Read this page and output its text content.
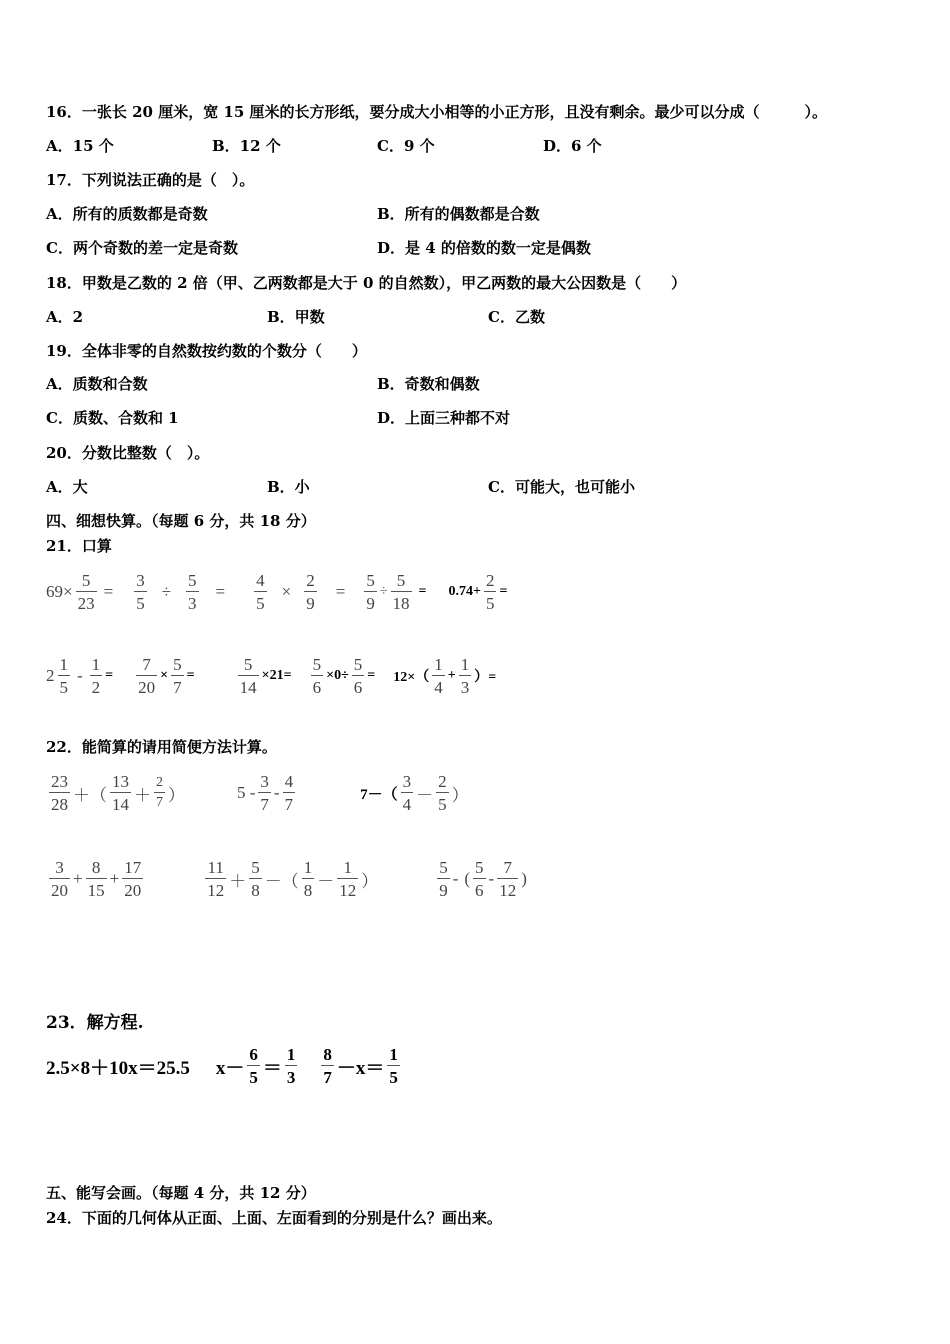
16．一张长 20 厘米，宽 15 厘米的长方形纸，要分成大小相等的小正方形，且没有剩余。最少可以分成（　　　）。
A．15 个	B．12 个	C．9 个	D．6 个
17．下列说法正确的是（　）。
A．所有的质数都是奇数	B．所有的偶数都是合数
C．两个奇数的差一定是奇数	D．是 4 的倍数的数一定是偶数
18．甲数是乙数的 2 倍（甲、乙两数都是大于 0 的自然数），甲乙两数的最大公因数是（　　）
A．2	B．甲数	C．乙数
19．全体非零的自然数按约数的个数分（　　）
A．质数和合数	B．奇数和偶数
C．质数、合数和 1	D．上面三种都不对
20．分数比整数（　）。
A．大	B．小	C．可能大，也可能小
四、细想快算。（每题 6 分，共 18 分）
21．口算
$69 \times \frac{5}{23} = \frac{3}{5} \div \frac{5}{3} = \frac{4}{5} \times \frac{2}{9} = \frac{5}{9} \div \frac{5}{18} = 0.74+ \frac{2}{5}$ =
$2 \frac{1}{5} - \frac{1}{2} = \frac{7}{20} \times \frac{5}{7}$ =	$\frac{5}{14} \times 21= \frac{5}{6} \times 0\div \frac{5}{6} = 12\times( \frac{1}{4} + \frac{1}{3}$ ）=
22．能简算的请用简便方法计算。
$\frac{23}{28}$ ＋ （ $\frac{13}{14} + \frac{2}{7}$ ）	$5 - \frac{3}{7} - \frac{4}{7}$	$7-( \frac{3}{4} - \frac{2}{5}$ ）
$\frac{3}{20} + \frac{8}{15} + \frac{17}{20}$	$\frac{11}{12} + \frac{5}{8}$ － （ $\frac{1}{8} - \frac{1}{12}$ ）	$\frac{5}{9}$ - ( $\frac{5}{6} - \frac{7}{12}$ )
23．解方程.
2.5×8＋10x＝25.5 $x- \frac{6}{5} = \frac{1}{3} \frac{8}{7} -x= \frac{1}{5}$
五、能写会画。（每题 4 分，共 12 分）
24．下面的几何体从正面、上面、左面看到的分别是什么？画出来。
